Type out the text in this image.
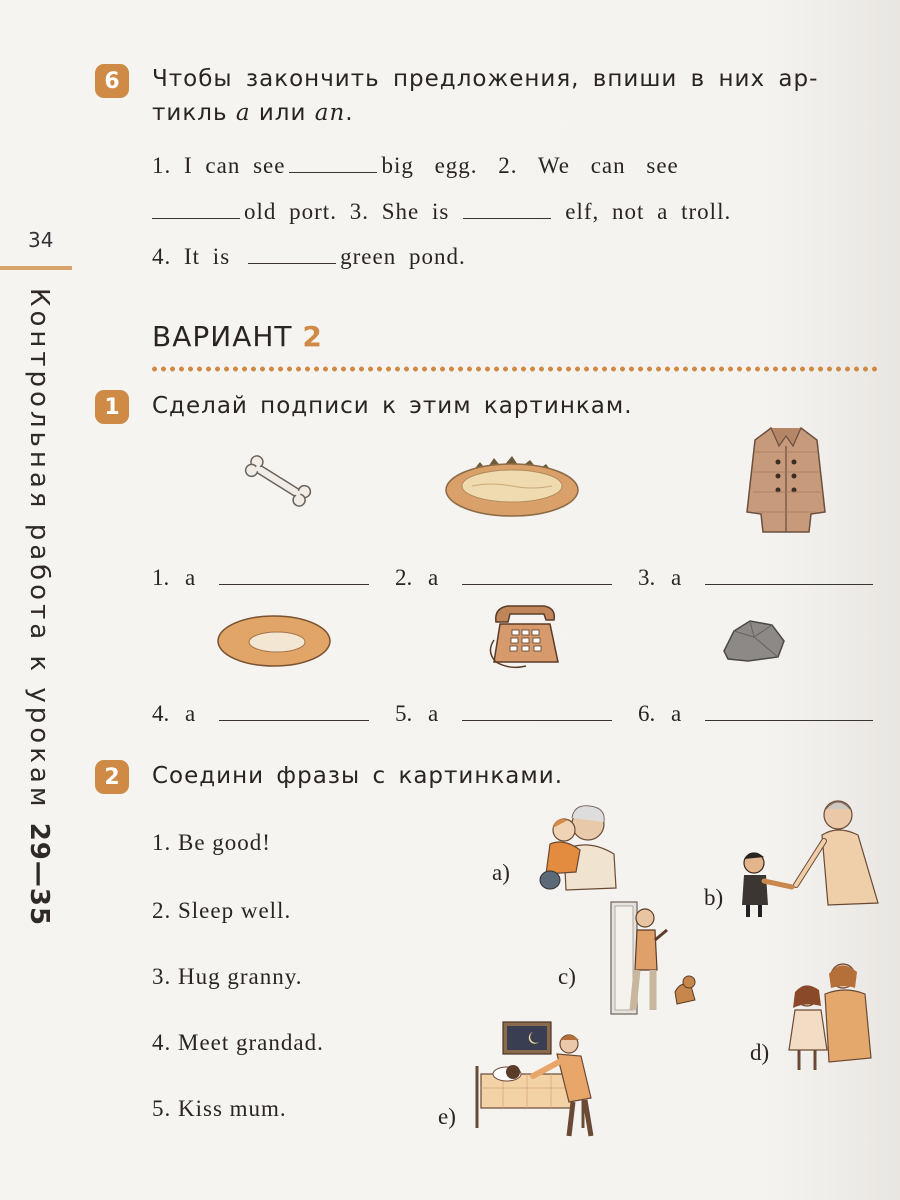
34
Контрольная работа к урокам 29—35
6	Чтобы закончить предложения, впиши в них ар-
тикль a или an.
1. I can see	big egg. 2. We can see
old port. 3. She is	elf, not a troll.
4. It is	green pond.
ВАРИАНТ 2
1	Сделай подписи к этим картинкам.
1. a	2. a	3. a
4. a	5. a	6. a
2	Соедини фразы с картинками.
1. Be good!
2. Sleep well.
3. Hug granny.
4. Meet grandad.
5. Kiss mum.
a)
b)
c)
d)
e)
